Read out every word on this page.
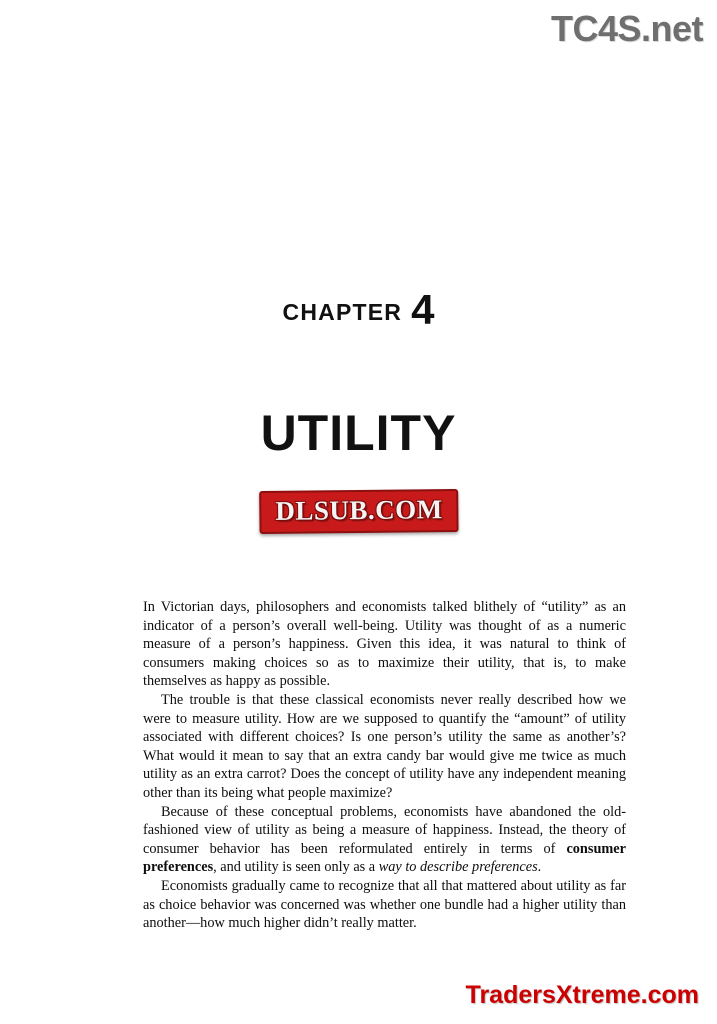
TC4S.net
CHAPTER 4
UTILITY
DLSUB.COM

In Victorian days, philosophers and economists talked blithely of “utility” as an indicator of a person’s overall well-being. Utility was thought of as a numeric measure of a person’s happiness. Given this idea, it was natural to think of consumers making choices so as to maximize their utility, that is, to make themselves as happy as possible.

The trouble is that these classical economists never really described how we were to measure utility. How are we supposed to quantify the “amount” of utility associated with different choices? Is one person’s utility the same as another’s? What would it mean to say that an extra candy bar would give me twice as much utility as an extra carrot? Does the concept of utility have any independent meaning other than its being what people maximize?

Because of these conceptual problems, economists have abandoned the old-fashioned view of utility as being a measure of happiness. Instead, the theory of consumer behavior has been reformulated entirely in terms of consumer preferences, and utility is seen only as a way to describe preferences.

Economists gradually came to recognize that all that mattered about utility as far as choice behavior was concerned was whether one bundle had a higher utility than another—how much higher didn’t really matter.

TradersXtreme.com
